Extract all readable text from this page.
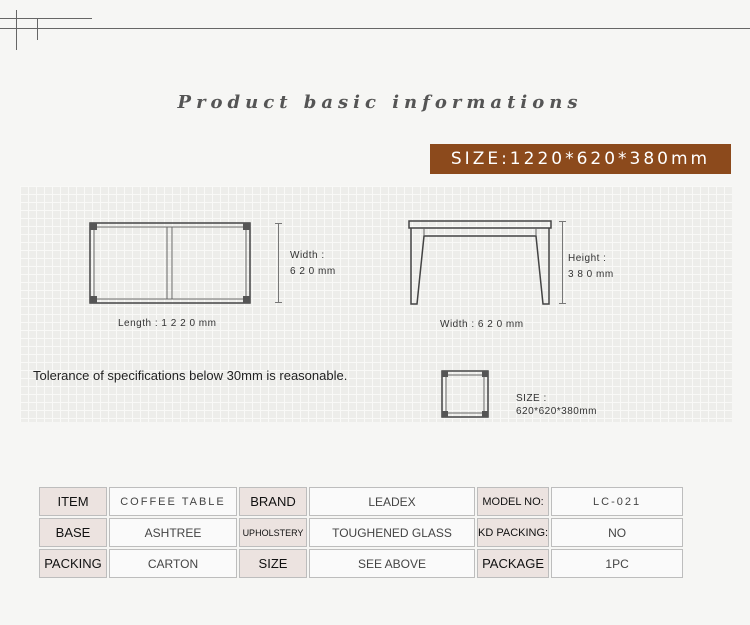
Product basic informations
SIZE:1220*620*380mm
Width :
6 2 0 mm
Length : 1 2 2 0 mm
Height :
3 8 0 mm
Width : 6 2 0 mm
Tolerance of specifications below 30mm is reasonable.
SIZE :
620*620*380mm
ITEM	COFFEE TABLE	BRAND	LEADEX	MODEL NO:	LC-021
BASE	ASHTREE	UPHOLSTERY	TOUGHENED GLASS	KD PACKING:	NO
PACKING	CARTON	SIZE	SEE ABOVE	PACKAGE	1PC
